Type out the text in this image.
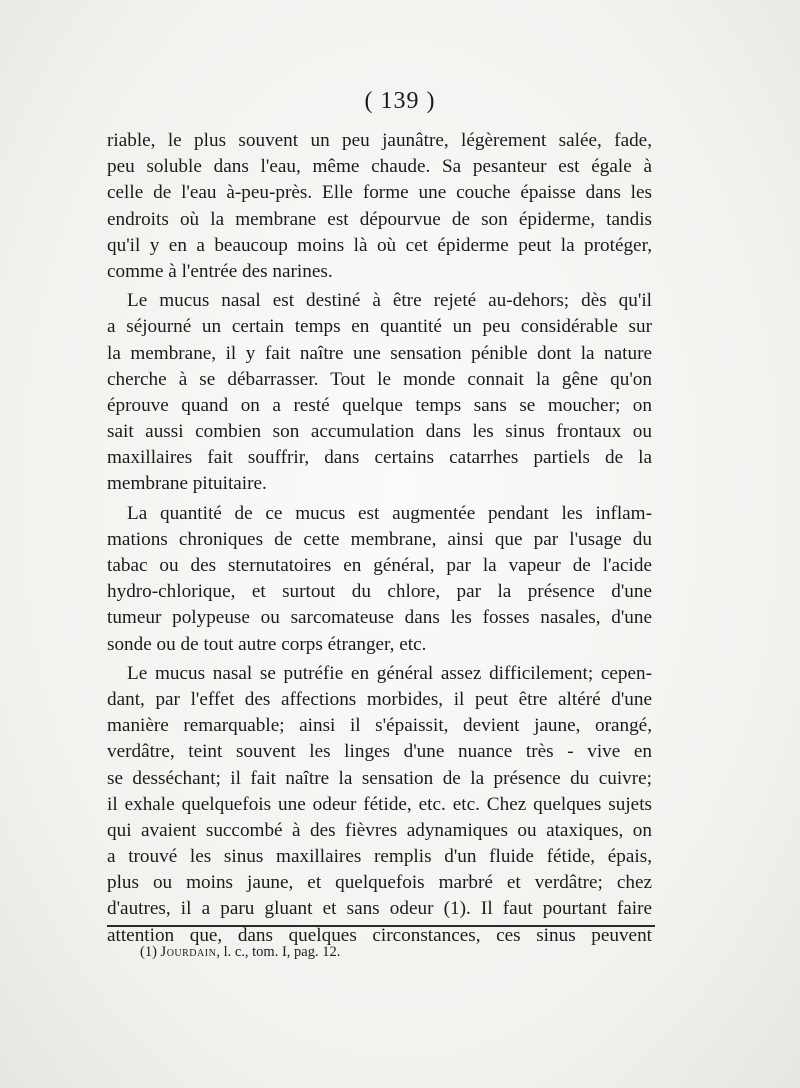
( 139 )
riable, le plus souvent un peu jaunâtre, légèrement salée, fade,
peu soluble dans l'eau, même chaude. Sa pesanteur est égale à
celle de l'eau à-peu-près. Elle forme une couche épaisse dans les
endroits où la membrane est dépourvue de son épiderme, tandis
qu'il y en a beaucoup moins là où cet épiderme peut la protéger,
comme à l'entrée des narines.
Le mucus nasal est destiné à être rejeté au-dehors; dès qu'il
a séjourné un certain temps en quantité un peu considérable sur
la membrane, il y fait naître une sensation pénible dont la nature
cherche à se débarrasser. Tout le monde connait la gêne qu'on
éprouve quand on a resté quelque temps sans se moucher; on
sait aussi combien son accumulation dans les sinus frontaux ou
maxillaires fait souffrir, dans certains catarrhes partiels de la
membrane pituitaire.
La quantité de ce mucus est augmentée pendant les inflam-
mations chroniques de cette membrane, ainsi que par l'usage du
tabac ou des sternutatoires en général, par la vapeur de l'acide
hydro-chlorique, et surtout du chlore, par la présence d'une
tumeur polypeuse ou sarcomateuse dans les fosses nasales, d'une
sonde ou de tout autre corps étranger, etc.
Le mucus nasal se putréfie en général assez difficilement; cepen-
dant, par l'effet des affections morbides, il peut être altéré d'une
manière remarquable; ainsi il s'épaissit, devient jaune, orangé,
verdâtre, teint souvent les linges d'une nuance très - vive en
se desséchant; il fait naître la sensation de la présence du cuivre;
il exhale quelquefois une odeur fétide, etc. etc. Chez quelques sujets
qui avaient succombé à des fièvres adynamiques ou ataxiques, on
a trouvé les sinus maxillaires remplis d'un fluide fétide, épais,
plus ou moins jaune, et quelquefois marbré et verdâtre; chez
d'autres, il a paru gluant et sans odeur (1). Il faut pourtant faire
attention que, dans quelques circonstances, ces sinus peuvent
(1) Jourdain, l. c., tom. I, pag. 12.
